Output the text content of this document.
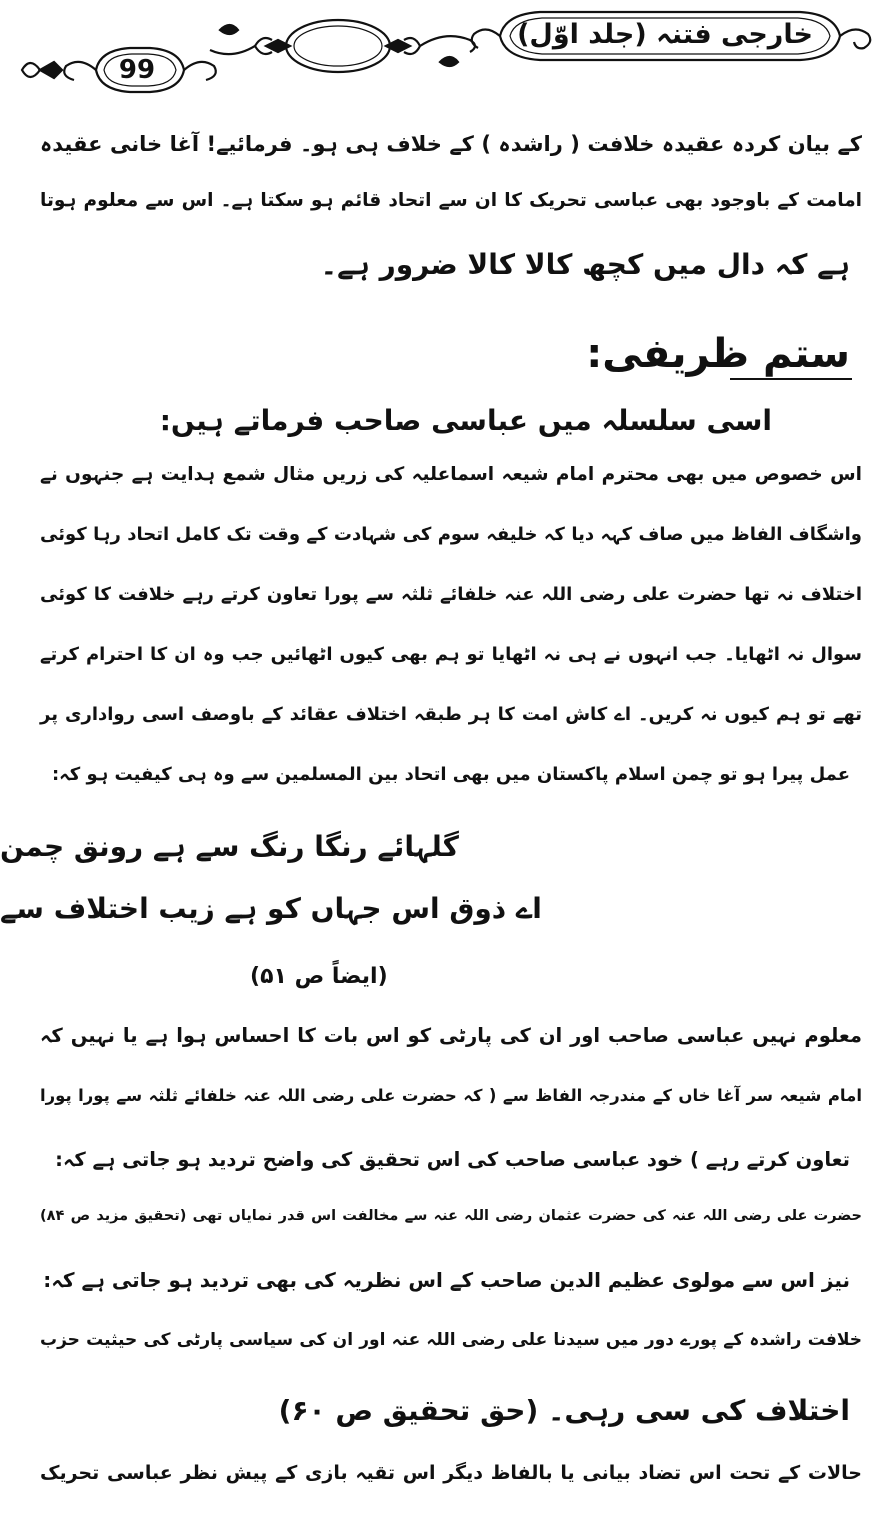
99
خارجی فتنہ (جلد اوّل)
کے بیان کردہ عقیدہ خلافت ( راشدہ ) کے خلاف ہی ہو۔ فرمائیے! آغا خانی عقیدہ
امامت کے باوجود بھی عباسی تحریک کا ان سے اتحاد قائم ہو سکتا ہے۔ اس سے معلوم ہوتا
ہے کہ دال میں کچھ کالا کالا ضرور ہے۔
ستم ظریفی:
اسی سلسلہ میں عباسی صاحب فرماتے ہیں:
اس خصوص میں بھی محترم امام شیعہ اسماعلیہ کی زریں مثال شمع ہدایت ہے جنہوں نے
واشگاف الفاظ میں صاف کہہ دیا کہ خلیفہ سوم کی شہادت کے وقت تک کامل اتحاد رہا کوئی
اختلاف نہ تھا حضرت علی رضی اللہ عنہ خلفائے ثلثہ سے پورا تعاون کرتے رہے خلافت کا کوئی
سوال نہ اٹھایا۔ جب انہوں نے ہی نہ اٹھایا تو ہم بھی کیوں اٹھائیں جب وہ ان کا احترام کرتے
تھے تو ہم کیوں نہ کریں۔ اے کاش امت کا ہر طبقہ اختلاف عقائد کے باوصف اسی رواداری پر
عمل پیرا ہو تو چمن اسلام پاکستان میں بھی اتحاد بین المسلمین سے وہ ہی کیفیت ہو کہ:
گلہائے رنگا رنگ سے ہے رونق چمن
اے ذوق اس جہاں کو ہے زیب اختلاف سے
(ایضاً ص ۵۱)
معلوم نہیں عباسی صاحب اور ان کی پارٹی کو اس بات کا احساس ہوا ہے یا نہیں کہ
امام شیعہ سر آغا خاں کے مندرجہ الفاظ سے ( کہ حضرت علی رضی اللہ عنہ خلفائے ثلثہ سے پورا پورا
تعاون کرتے رہے ) خود عباسی صاحب کی اس تحقیق کی واضح تردید ہو جاتی ہے کہ:
حضرت علی رضی اللہ عنہ کی حضرت عثمان رضی اللہ عنہ سے مخالفت اس قدر نمایاں تھی (تحقیق مزید ص ۸۴)
نیز اس سے مولوی عظیم الدین صاحب کے اس نظریہ کی بھی تردید ہو جاتی ہے کہ:
خلافت راشدہ کے پورے دور میں سیدنا علی رضی اللہ عنہ اور ان کی سیاسی پارٹی کی حیثیت حزب
اختلاف کی سی رہی۔ (حق تحقیق ص ۶۰)
حالات کے تحت اس تضاد بیانی یا بالفاظ دیگر اس تقیہ بازی کے پیش نظر عباسی تحریک
